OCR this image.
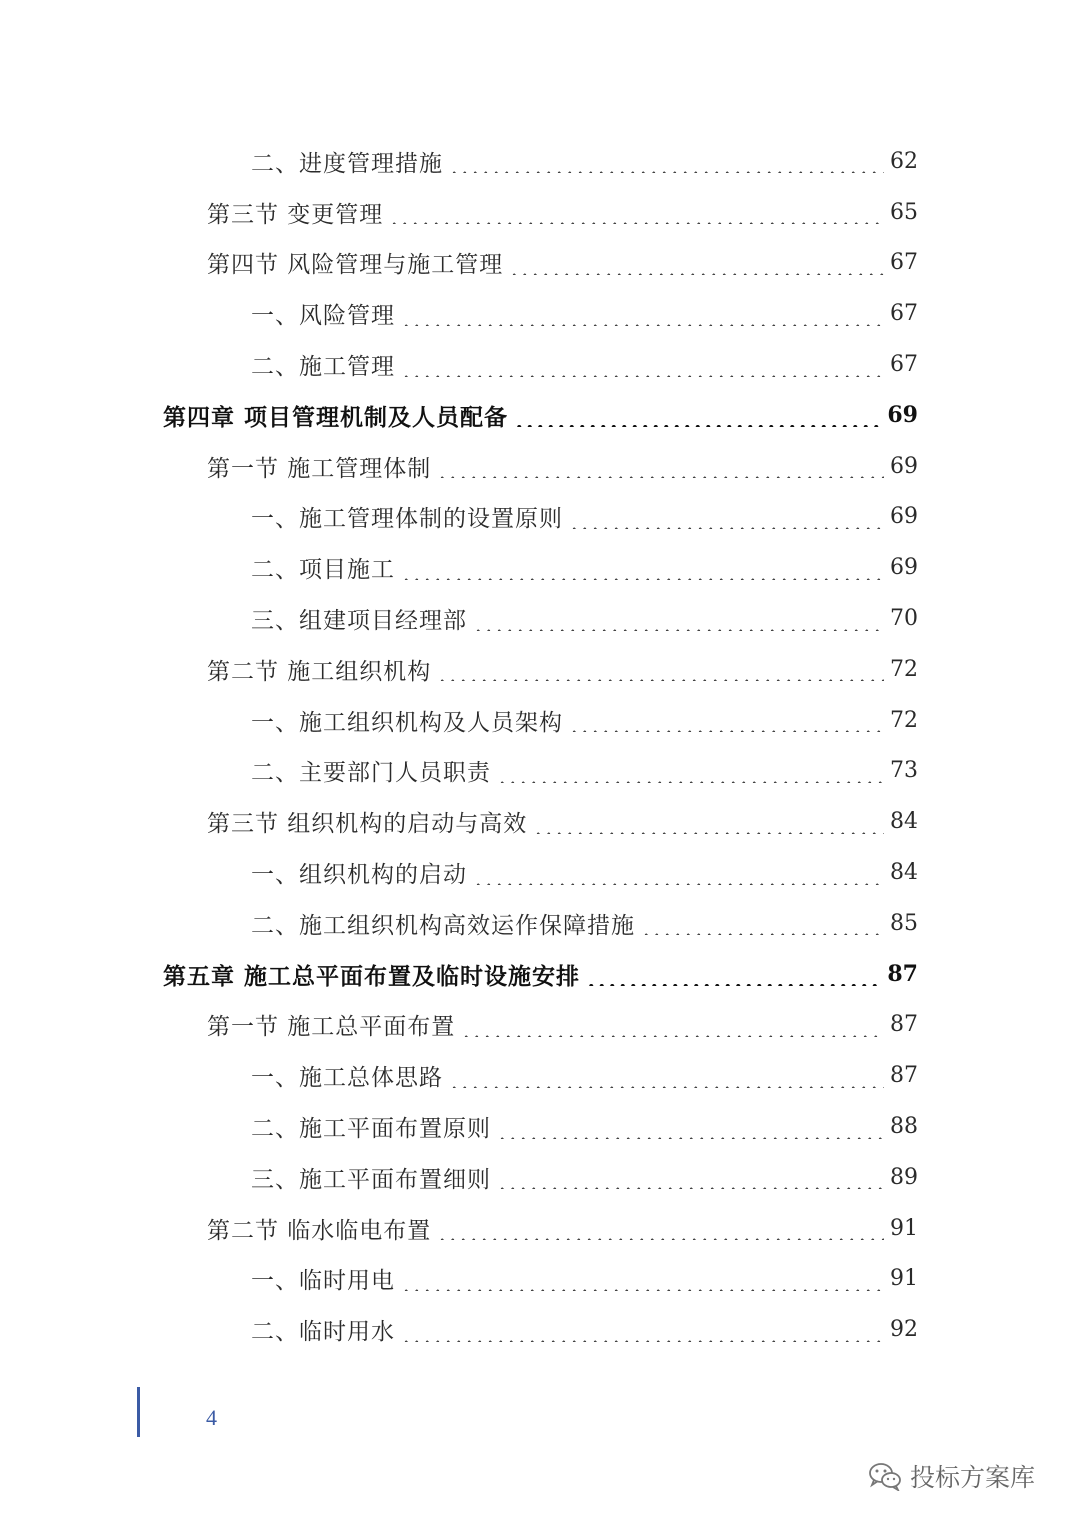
二、进度管理措施	62
第三节 变更管理	65
第四节 风险管理与施工管理	67
一、风险管理	67
二、施工管理	67
第四章 项目管理机制及人员配备	69
第一节 施工管理体制	69
一、施工管理体制的设置原则	69
二、项目施工	69
三、组建项目经理部	70
第二节 施工组织机构	72
一、施工组织机构及人员架构	72
二、主要部门人员职责	73
第三节 组织机构的启动与高效	84
一、组织机构的启动	84
二、施工组织机构高效运作保障措施	85
第五章 施工总平面布置及临时设施安排	87
第一节 施工总平面布置	87
一、施工总体思路	87
二、施工平面布置原则	88
三、施工平面布置细则	89
第二节 临水临电布置	91
一、临时用电	91
二、临时用水	92
4
投标方案库
